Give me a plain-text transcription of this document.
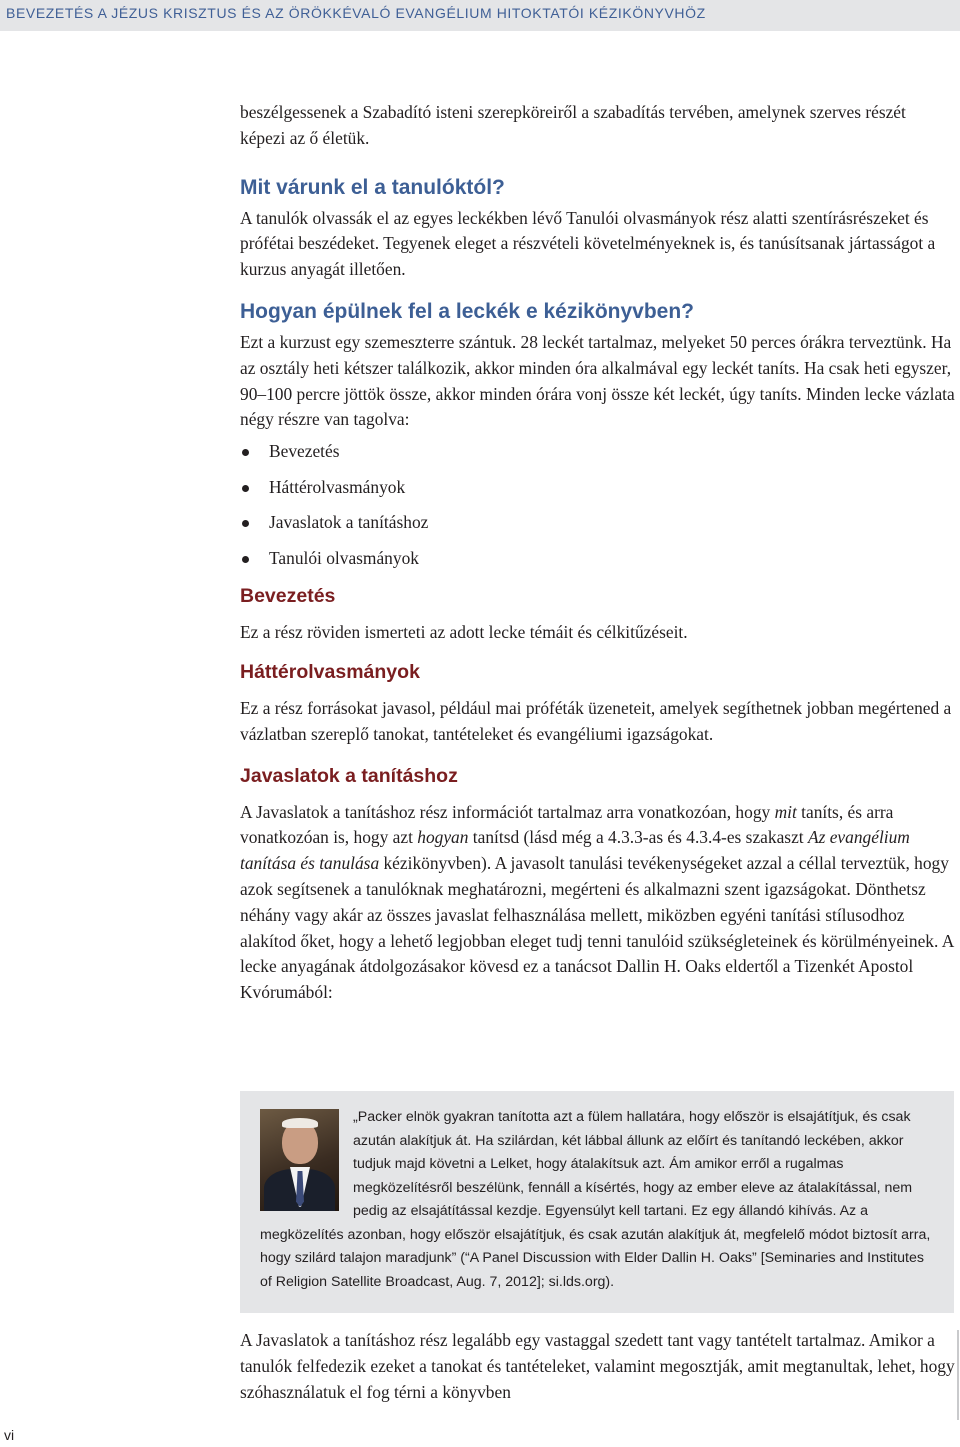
BEVEZETÉS A JÉZUS KRISZTUS ÉS AZ ÖRÖKKÉVALÓ EVANGÉLIUM HITOKTATÓI KÉZIKÖNYVHÖZ

beszélgessenek a Szabadító isteni szerepköreiről a szabadítás tervében, amelynek szerves részét képezi az ő életük.

Mit várunk el a tanulóktól?

A tanulók olvassák el az egyes leckékben lévő Tanulói olvasmányok rész alatti szentírásrészeket és prófétai beszédeket. Tegyenek eleget a részvételi követelményeknek is, és tanúsítsanak jártasságot a kurzus anyagát illetően.

Hogyan épülnek fel a leckék e kézikönyvben?

Ezt a kurzust egy szemeszterre szántuk. 28 leckét tartalmaz, melyeket 50 perces órákra terveztünk. Ha az osztály heti kétszer találkozik, akkor minden óra alkalmával egy leckét taníts. Ha csak heti egyszer, 90–100 percre jöttök össze, akkor minden órára vonj össze két leckét, úgy taníts. Minden lecke vázlata négy részre van tagolva:

Bevezetés
Háttérolvasmányok
Javaslatok a tanításhoz
Tanulói olvasmányok
Bevezetés

Ez a rész röviden ismerteti az adott lecke témáit és célkitűzéseit.

Háttérolvasmányok

Ez a rész forrásokat javasol, például mai próféták üzeneteit, amelyek segíthetnek jobban megértened a vázlatban szereplő tanokat, tantételeket és evangéliumi igazságokat.

Javaslatok a tanításhoz

A Javaslatok a tanításhoz rész információt tartalmaz arra vonatkozóan, hogy mit taníts, és arra vonatkozóan is, hogy azt hogyan tanítsd (lásd még a 4.3.3-as és 4.3.4-es szakaszt Az evangélium tanítása és tanulása kézikönyvben). A javasolt tanulási tevékenységeket azzal a céllal terveztük, hogy azok segítsenek a tanulóknak meghatározni, megérteni és alkalmazni szent igazságokat. Dönthetsz néhány vagy akár az összes javaslat felhasználása mellett, miközben egyéni tanítási stílusodhoz alakítod őket, hogy a lehető legjobban eleget tudj tenni tanulóid szükségleteinek és körülményeinek. A lecke anyagának átdolgozásakor kövesd ez a tanácsot Dallin H. Oaks eldertől a Tizenkét Apostol Kvórumából:

„Packer elnök gyakran tanította azt a fülem hallatára, hogy először is elsajátítjuk, és csak azután alakítjuk át. Ha szilárdan, két lábbal állunk az előírt és tanítandó leckében, akkor tudjuk majd követni a Lelket, hogy átalakítsuk azt. Ám amikor erről a rugalmas megközelítésről beszélünk, fennáll a kísértés, hogy az ember eleve az átalakítással, nem pedig az elsajátítással kezdje. Egyensúlyt kell tartani. Ez egy állandó kihívás. Az a megközelítés azonban, hogy először elsajátítjuk, és csak azután alakítjuk át, megfelelő módot biztosít arra, hogy szilárd talajon maradjunk” (“A Panel Discussion with Elder Dallin H. Oaks” [Seminaries and Institutes of Religion Satellite Broadcast, Aug. 7, 2012]; si.lds.org).

A Javaslatok a tanításhoz rész legalább egy vastaggal szedett tant vagy tantételt tartalmaz. Amikor a tanulók felfedezik ezeket a tanokat és tantételeket, valamint megosztják, amit megtanultak, lehet, hogy szóhasználatuk el fog térni a könyvben

vi
